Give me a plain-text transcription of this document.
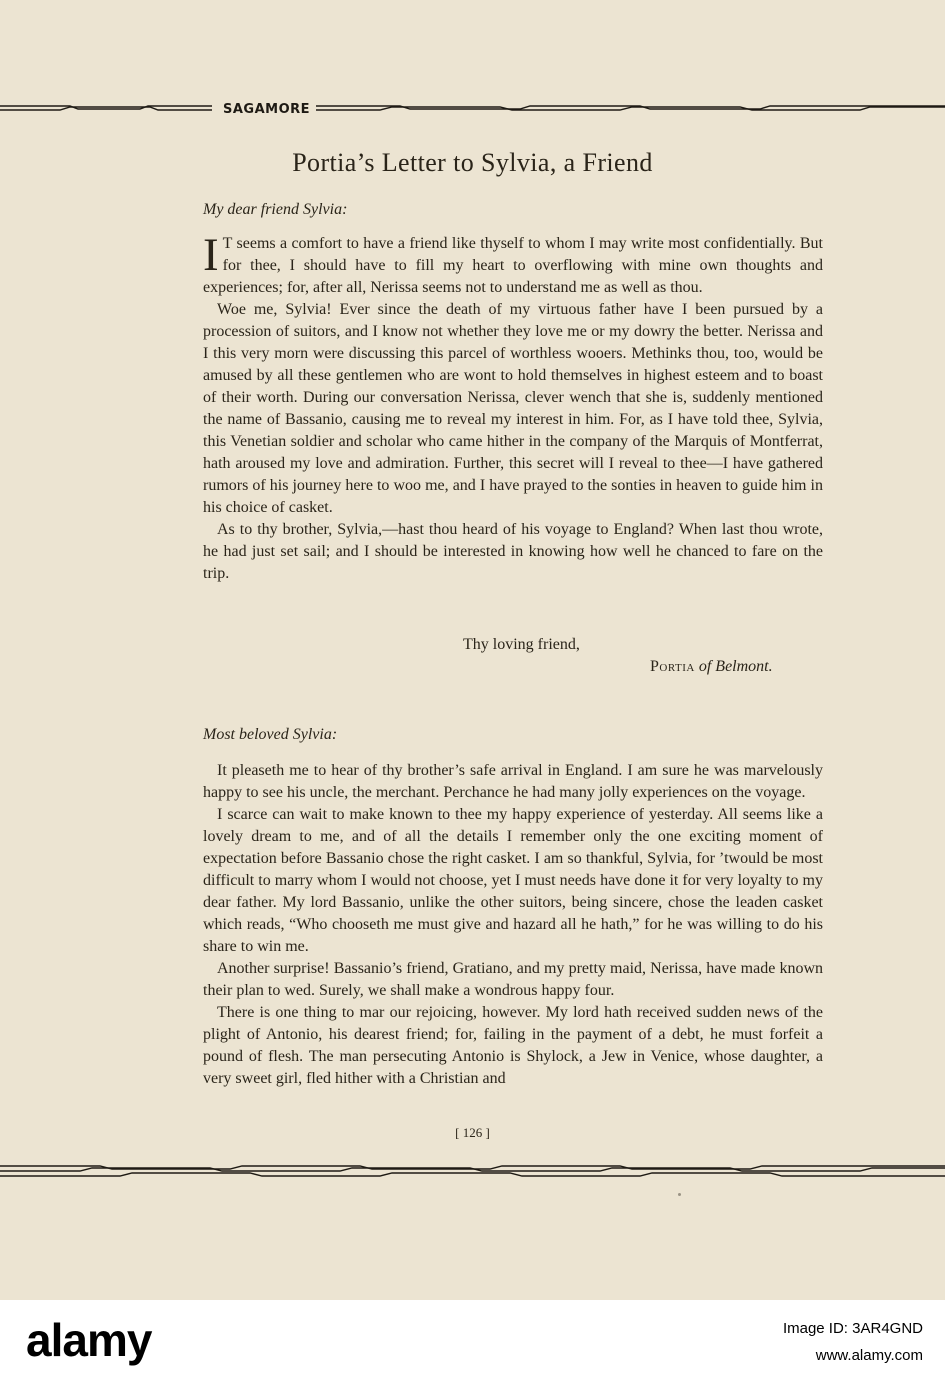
SAGAMORE
Portia’s Letter to Sylvia, a Friend
My dear friend Sylvia:

I T seems a comfort to have a friend like thyself to whom I may write most confidentially. But for thee, I should have to fill my heart to overflowing with mine own thoughts and experiences; for, after all, Nerissa seems not to understand me as well as thou.

Woe me, Sylvia! Ever since the death of my virtuous father have I been pursued by a procession of suitors, and I know not whether they love me or my dowry the better. Nerissa and I this very morn were discussing this parcel of worthless wooers. Methinks thou, too, would be amused by all these gentlemen who are wont to hold themselves in highest esteem and to boast of their worth. During our conversation Nerissa, clever wench that she is, suddenly mentioned the name of Bassanio, causing me to reveal my interest in him. For, as I have told thee, Sylvia, this Venetian soldier and scholar who came hither in the company of the Marquis of Montferrat, hath aroused my love and admiration. Further, this secret will I reveal to thee—I have gathered rumors of his journey here to woo me, and I have prayed to the sonties in heaven to guide him in his choice of casket.

As to thy brother, Sylvia,—hast thou heard of his voyage to England? When last thou wrote, he had just set sail; and I should be interested in knowing how well he chanced to fare on the trip.

Thy loving friend,
Portia of Belmont.
Most beloved Sylvia:

It pleaseth me to hear of thy brother’s safe arrival in England. I am sure he was marvelously happy to see his uncle, the merchant. Perchance he had many jolly experiences on the voyage.

I scarce can wait to make known to thee my happy experience of yesterday. All seems like a lovely dream to me, and of all the details I remember only the one exciting moment of expectation before Bassanio chose the right casket. I am so thankful, Sylvia, for ’twould be most difficult to marry whom I would not choose, yet I must needs have done it for very loyalty to my dear father. My lord Bassanio, unlike the other suitors, being sincere, chose the leaden casket which reads, “Who chooseth me must give and hazard all he hath,” for he was willing to do his share to win me.

Another surprise! Bassanio’s friend, Gratiano, and my pretty maid, Nerissa, have made known their plan to wed. Surely, we shall make a wondrous happy four.

There is one thing to mar our rejoicing, however. My lord hath received sudden news of the plight of Antonio, his dearest friend; for, failing in the payment of a debt, he must forfeit a pound of flesh. The man persecuting Antonio is Shylock, a Jew in Venice, whose daughter, a very sweet girl, fled hither with a Christian and

[ 126 ]
alamy	Image ID: 3AR4GND
www.alamy.com
